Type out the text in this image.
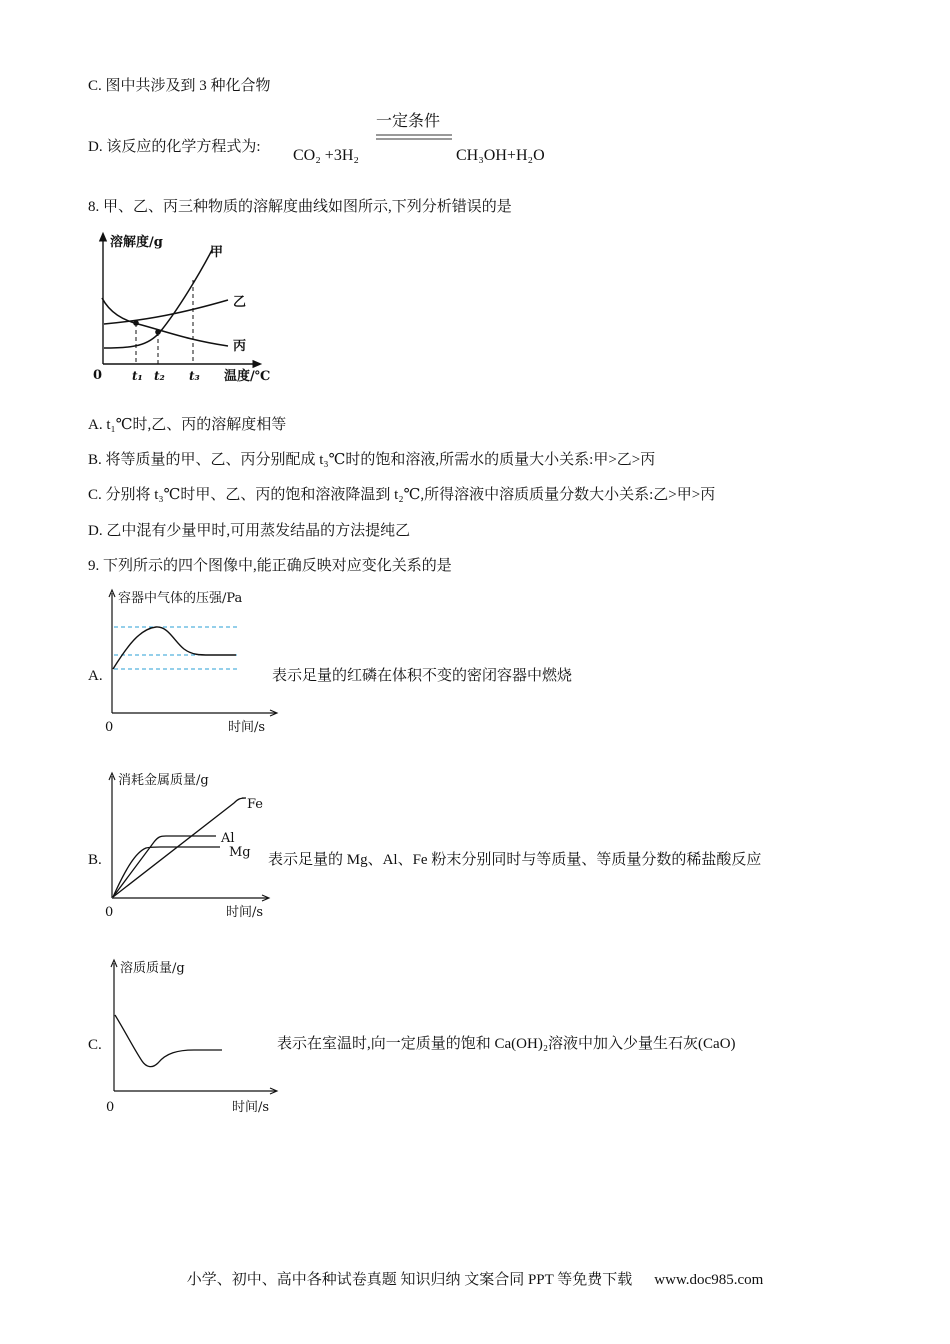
C. 图中共涉及到 3 种化合物
D. 该反应的化学方程式为:
一定条件
CO₂ +3H₂	CH₃OH+H₂O
8. 甲、乙、丙三种物质的溶解度曲线如图所示,下列分析错误的是
溶解度/g
温度/℃
0
甲
乙
丙
t₁ t₂ t₃
A. t₁℃时,乙、丙的溶解度相等
B. 将等质量的甲、乙、丙分别配成 t₃℃时的饱和溶液,所需水的质量大小关系:甲>乙>丙
C. 分别将 t₃℃时甲、乙、丙的饱和溶液降温到 t₂℃,所得溶液中溶质质量分数大小关系:乙>甲>丙
D. 乙中混有少量甲时,可用蒸发结晶的方法提纯乙
9. 下列所示的四个图像中,能正确反映对应变化关系的是
A.
容器中气体的压强/Pa
时间/s
0
表示足量的红磷在体积不变的密闭容器中燃烧
B.
消耗金属质量/g
时间/s
0
Fe
Al
Mg 表示足量的 Mg、Al、Fe 粉末分别同时与等质量、等质量分数的稀盐酸反应
C.
溶质质量/g
时间/s
0
表示在室温时,向一定质量的饱和 Ca(OH)₂溶液中加入少量生石灰(CaO)
小学、初中、高中各种试卷真题 知识归纳 文案合同 PPT 等免费下载 www.doc985.com
